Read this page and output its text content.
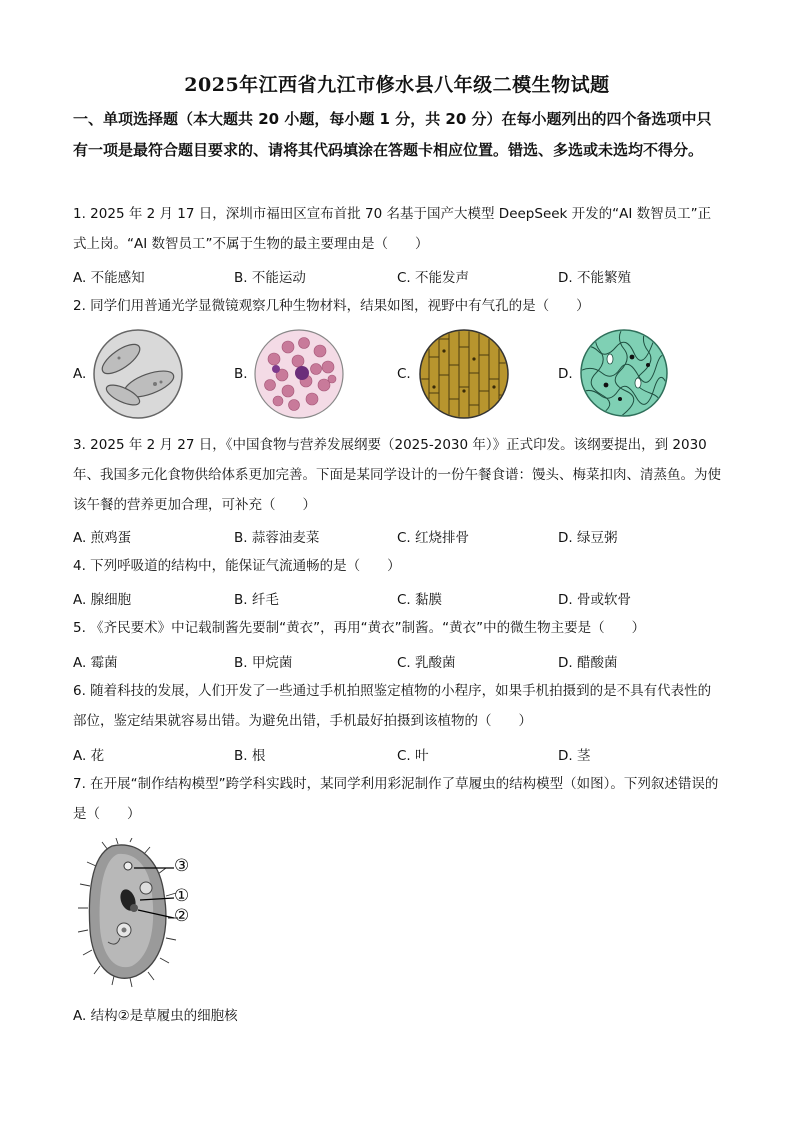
2025年江西省九江市修水县八年级二模生物试题
一、单项选择题（本大题共 20 小题，每小题 1 分，共 20 分）在每小题列出的四个备选项中只有一项是最符合题目要求的、请将其代码填涂在答题卡相应位置。错选、多选或未选均不得分。
1. 2025 年 2 月 17 日，深圳市福田区宣布首批 70 名基于国产大模型 DeepSeek 开发的“AI 数智员工”正式上岗。“AI 数智员工”不属于生物的最主要理由是（　　）
A. 不能感知	B. 不能运动	C. 不能发声	D. 不能繁殖
2. 同学们用普通光学显微镜观察几种生物材料，结果如图，视野中有气孔的是（　　）
A.	B.	C.	D.
3. 2025 年 2 月 27 日，《中国食物与营养发展纲要（2025-2030 年）》正式印发。该纲要提出，到 2030 年、我国多元化食物供给体系更加完善。下面是某同学设计的一份午餐食谱：馒头、梅菜扣肉、清蒸鱼。为使该午餐的营养更加合理，可补充（　　）
A. 煎鸡蛋	B. 蒜蓉油麦菜	C. 红烧排骨	D. 绿豆粥
4. 下列呼吸道的结构中，能保证气流通畅的是（　　）
A. 腺细胞	B. 纤毛	C. 黏膜	D. 骨或软骨
5. 《齐民要术》中记载制酱先要制“黄衣”，再用“黄衣”制酱。“黄衣”中的微生物主要是（　　）
A. 霉菌	B. 甲烷菌	C. 乳酸菌	D. 醋酸菌
6. 随着科技的发展，人们开发了一些通过手机拍照鉴定植物的小程序，如果手机拍摄到的是不具有代表性的部位，鉴定结果就容易出错。为避免出错，手机最好拍摄到该植物的（　　）
A. 花	B. 根	C. 叶	D. 茎
7. 在开展“制作结构模型”跨学科实践时，某同学利用彩泥制作了草履虫的结构模型（如图）。下列叙述错误的是（　　）
③
①
②
A. 结构②是草履虫的细胞核
